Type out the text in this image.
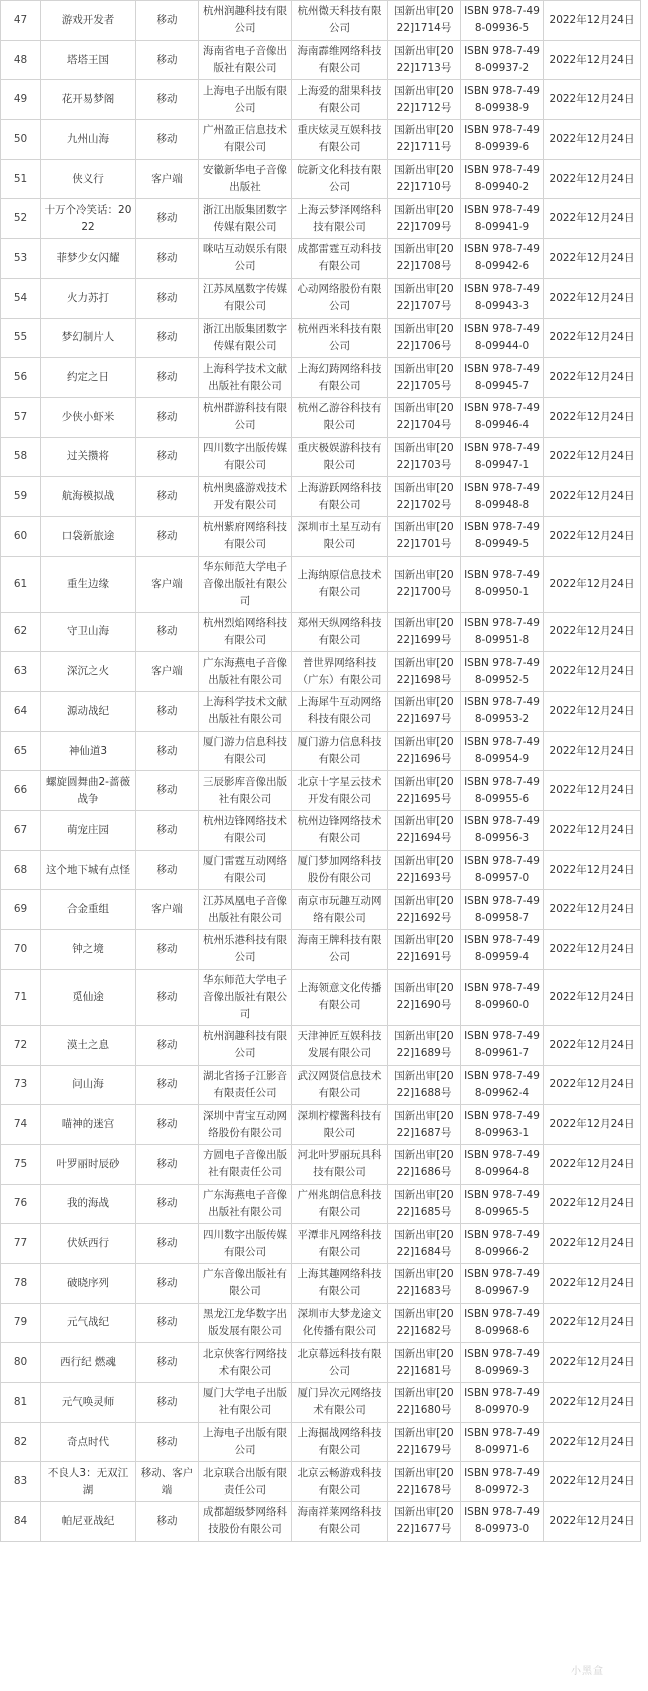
47	游戏开发者	移动	杭州润趣科技有限公司	杭州微天科技有限公司	国新出审[2022]1714号	ISBN 978-7-498-09936-5	2022年12月24日
48	塔塔王国	移动	海南省电子音像出版社有限公司	海南霹维网络科技有限公司	国新出审[2022]1713号	ISBN 978-7-498-09937-2	2022年12月24日
49	花开易梦阁	移动	上海电子出版有限公司	上海爱的甜果科技有限公司	国新出审[2022]1712号	ISBN 978-7-498-09938-9	2022年12月24日
50	九州山海	移动	广州盈正信息技术有限公司	重庆炫灵互娱科技有限公司	国新出审[2022]1711号	ISBN 978-7-498-09939-6	2022年12月24日
51	侠义行	客户端	安徽新华电子音像出版社	皖新文化科技有限公司	国新出审[2022]1710号	ISBN 978-7-498-09940-2	2022年12月24日
52	十万个冷笑话：2022	移动	浙江出版集团数字传媒有限公司	上海云梦泽网络科技有限公司	国新出审[2022]1709号	ISBN 978-7-498-09941-9	2022年12月24日
53	菲梦少女闪耀	移动	咪咕互动娱乐有限公司	成都雷霆互动科技有限公司	国新出审[2022]1708号	ISBN 978-7-498-09942-6	2022年12月24日
54	火力苏打	移动	江苏凤凰数字传媒有限公司	心动网络股份有限公司	国新出审[2022]1707号	ISBN 978-7-498-09943-3	2022年12月24日
55	梦幻制片人	移动	浙江出版集团数字传媒有限公司	杭州西米科技有限公司	国新出审[2022]1706号	ISBN 978-7-498-09944-0	2022年12月24日
56	约定之日	移动	上海科学技术文献出版社有限公司	上海幻踌网络科技有限公司	国新出审[2022]1705号	ISBN 978-7-498-09945-7	2022年12月24日
57	少侠小虾米	移动	杭州群游科技有限公司	杭州乙游谷科技有限公司	国新出审[2022]1704号	ISBN 978-7-498-09946-4	2022年12月24日
58	过关攒将	移动	四川数字出版传媒有限公司	重庆极娱游科技有限公司	国新出审[2022]1703号	ISBN 978-7-498-09947-1	2022年12月24日
59	航海模拟战	移动	杭州奥盛游戏技术开发有限公司	上海游跃网络科技有限公司	国新出审[2022]1702号	ISBN 978-7-498-09948-8	2022年12月24日
60	口袋新旅途	移动	杭州紫府网络科技有限公司	深圳市土星互动有限公司	国新出审[2022]1701号	ISBN 978-7-498-09949-5	2022年12月24日
61	重生边缘	客户端	华东师范大学电子音像出版社有限公司	上海纳原信息技术有限公司	国新出审[2022]1700号	ISBN 978-7-498-09950-1	2022年12月24日
62	守卫山海	移动	杭州烈焰网络科技有限公司	郑州天纵网络科技有限公司	国新出审[2022]1699号	ISBN 978-7-498-09951-8	2022年12月24日
63	深沉之火	客户端	广东海燕电子音像出版社有限公司	普世界网络科技（广东）有限公司	国新出审[2022]1698号	ISBN 978-7-498-09952-5	2022年12月24日
64	源动战纪	移动	上海科学技术文献出版社有限公司	上海犀牛互动网络科技有限公司	国新出审[2022]1697号	ISBN 978-7-498-09953-2	2022年12月24日
65	神仙道3	移动	厦门游力信息科技有限公司	厦门游力信息科技有限公司	国新出审[2022]1696号	ISBN 978-7-498-09954-9	2022年12月24日
66	螺旋圆舞曲2-蔷薇战争	移动	三辰影库音像出版社有限公司	北京十字星云技术开发有限公司	国新出审[2022]1695号	ISBN 978-7-498-09955-6	2022年12月24日
67	萌宠庄园	移动	杭州边锋网络技术有限公司	杭州边锋网络技术有限公司	国新出审[2022]1694号	ISBN 978-7-498-09956-3	2022年12月24日
68	这个地下城有点怪	移动	厦门雷霆互动网络有限公司	厦门梦加网络科技股份有限公司	国新出审[2022]1693号	ISBN 978-7-498-09957-0	2022年12月24日
69	合金重组	客户端	江苏凤凰电子音像出版社有限公司	南京市玩趣互动网络有限公司	国新出审[2022]1692号	ISBN 978-7-498-09958-7	2022年12月24日
70	钟之境	移动	杭州乐港科技有限公司	海南王牌科技有限公司	国新出审[2022]1691号	ISBN 978-7-498-09959-4	2022年12月24日
71	觅仙途	移动	华东师范大学电子音像出版社有限公司	上海领意文化传播有限公司	国新出审[2022]1690号	ISBN 978-7-498-09960-0	2022年12月24日
72	漠土之息	移动	杭州润趣科技有限公司	天津神匠互娱科技发展有限公司	国新出审[2022]1689号	ISBN 978-7-498-09961-7	2022年12月24日
73	问山海	移动	湖北省扬子江影音有限责任公司	武汉网贤信息技术有限公司	国新出审[2022]1688号	ISBN 978-7-498-09962-4	2022年12月24日
74	喵神的迷宫	移动	深圳中青宝互动网络股份有限公司	深圳柠檬酱科技有限公司	国新出审[2022]1687号	ISBN 978-7-498-09963-1	2022年12月24日
75	叶罗丽时辰砂	移动	方圆电子音像出版社有限责任公司	河北叶罗丽玩具科技有限公司	国新出审[2022]1686号	ISBN 978-7-498-09964-8	2022年12月24日
76	我的海战	移动	广东海燕电子音像出版社有限公司	广州兆朗信息科技有限公司	国新出审[2022]1685号	ISBN 978-7-498-09965-5	2022年12月24日
77	伏妖西行	移动	四川数字出版传媒有限公司	平潭非凡网络科技有限公司	国新出审[2022]1684号	ISBN 978-7-498-09966-2	2022年12月24日
78	破晓序列	移动	广东音像出版社有限公司	上海其趣网络科技有限公司	国新出审[2022]1683号	ISBN 978-7-498-09967-9	2022年12月24日
79	元气战纪	移动	黑龙江龙华数字出版发展有限公司	深圳市大梦龙途文化传播有限公司	国新出审[2022]1682号	ISBN 978-7-498-09968-6	2022年12月24日
80	西行纪 燃魂	移动	北京侠客行网络技术有限公司	北京幕远科技有限公司	国新出审[2022]1681号	ISBN 978-7-498-09969-3	2022年12月24日
81	元气唤灵师	移动	厦门大学电子出版社有限公司	厦门异次元网络技术有限公司	国新出审[2022]1680号	ISBN 978-7-498-09970-9	2022年12月24日
82	奇点时代	移动	上海电子出版有限公司	上海掘战网络科技有限公司	国新出审[2022]1679号	ISBN 978-7-498-09971-6	2022年12月24日
83	不良人3：无双江湖	移动、客户端	北京联合出版有限责任公司	北京云畅游戏科技有限公司	国新出审[2022]1678号	ISBN 978-7-498-09972-3	2022年12月24日
84	帕尼亚战纪	移动	成都超级梦网络科技股份有限公司	海南祥莱网络科技有限公司	国新出审[2022]1677号	ISBN 978-7-498-09973-0	2022年12月24日
小黑盒
